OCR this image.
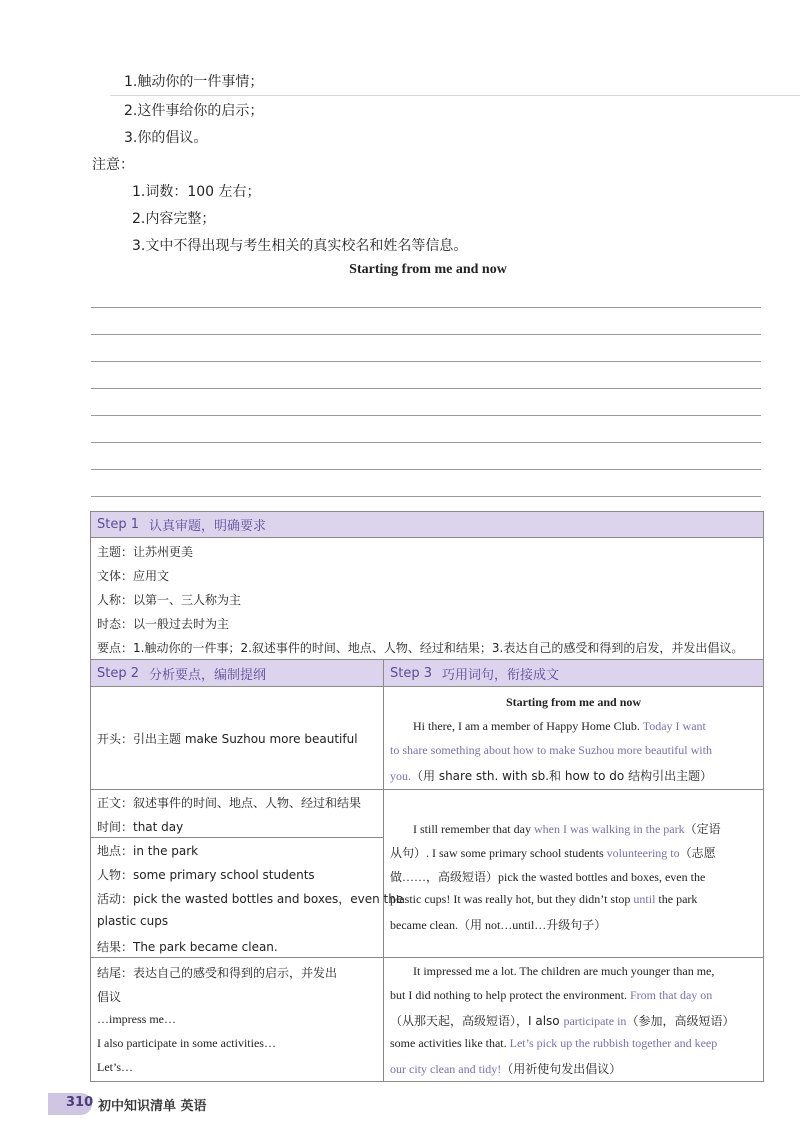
1.触动你的一件事情；
2.这件事给你的启示；
3.你的倡议。
注意：
1.词数：100 左右；
2.内容完整；
3.文中不得出现与考生相关的真实校名和姓名等信息。
Starting from me and now
Step 1 认真审题，明确要求
主题：让苏州更美
文体：应用文
人称：以第一、三人称为主
时态：以一般过去时为主
要点：1.触动你的一件事；2.叙述事件的时间、地点、人物、经过和结果；3.表达自己的感受和得到的启发，并发出倡议。
Step 2 分析要点，编制提纲	Step 3 巧用词句，衔接成文
开头：引出主题 make Suzhou more beautiful
Starting from me and now
Hi there, I am a member of Happy Home Club. Today I want
to share something about how to make Suzhou more beautiful with
you.（用 share sth. with sb.和 how to do 结构引出主题）
正文：叙述事件的时间、地点、人物、经过和结果
时间：that day
地点：in the park
人物：some primary school students
活动：pick the wasted bottles and boxes，even the
plastic cups
结果：The park became clean.
I still remember that day when I was walking in the park（定语
从句）. I saw some primary school students volunteering to（志愿
做……，高级短语）pick the wasted bottles and boxes, even the
plastic cups! It was really hot, but they didn’t stop until the park
became clean.（用 not…until…升级句子）
结尾：表达自己的感受和得到的启示，并发出
倡议
…impress me…
I also participate in some activities…
Let’s…
It impressed me a lot. The children are much younger than me,
but I did nothing to help protect the environment. From that day on
（从那天起，高级短语），I also participate in（参加，高级短语）
some activities like that. Let’s pick up the rubbish together and keep
our city clean and tidy!（用祈使句发出倡议）
310 初中知识清单 英语
